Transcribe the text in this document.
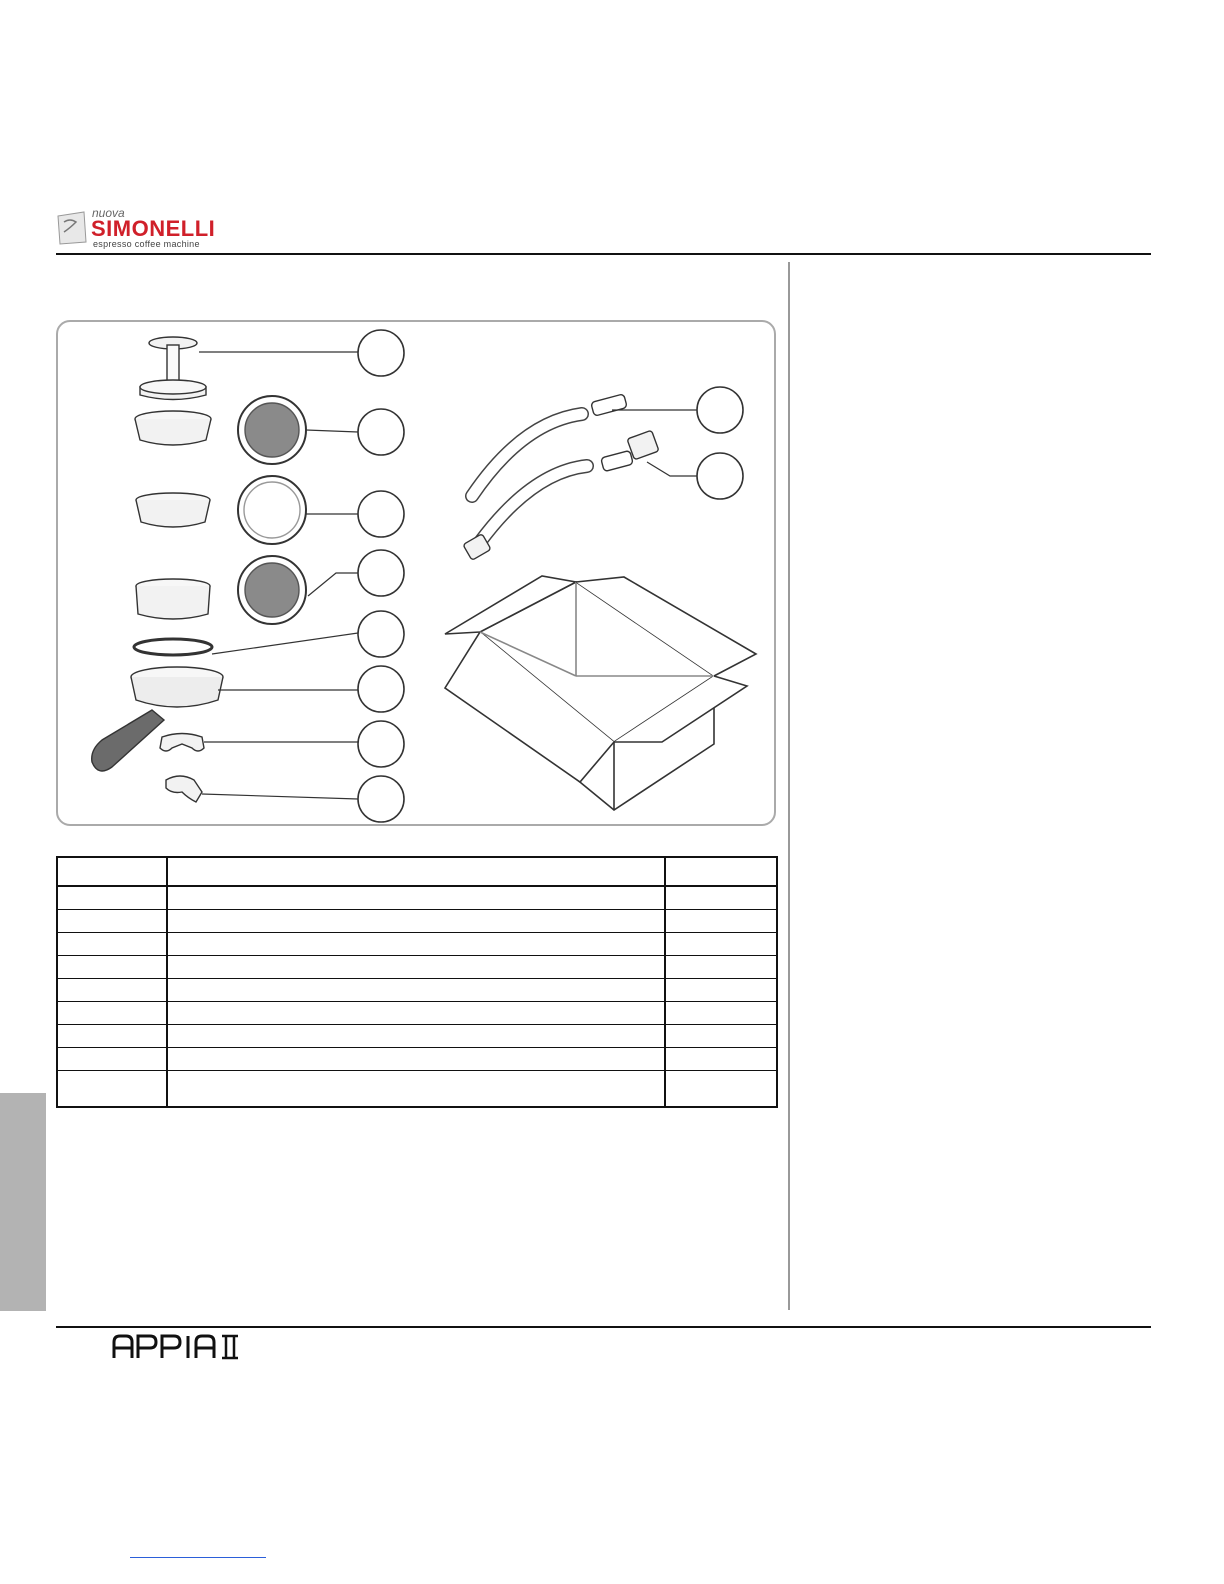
nuova
SIMONELLI
espresso coffee machine
